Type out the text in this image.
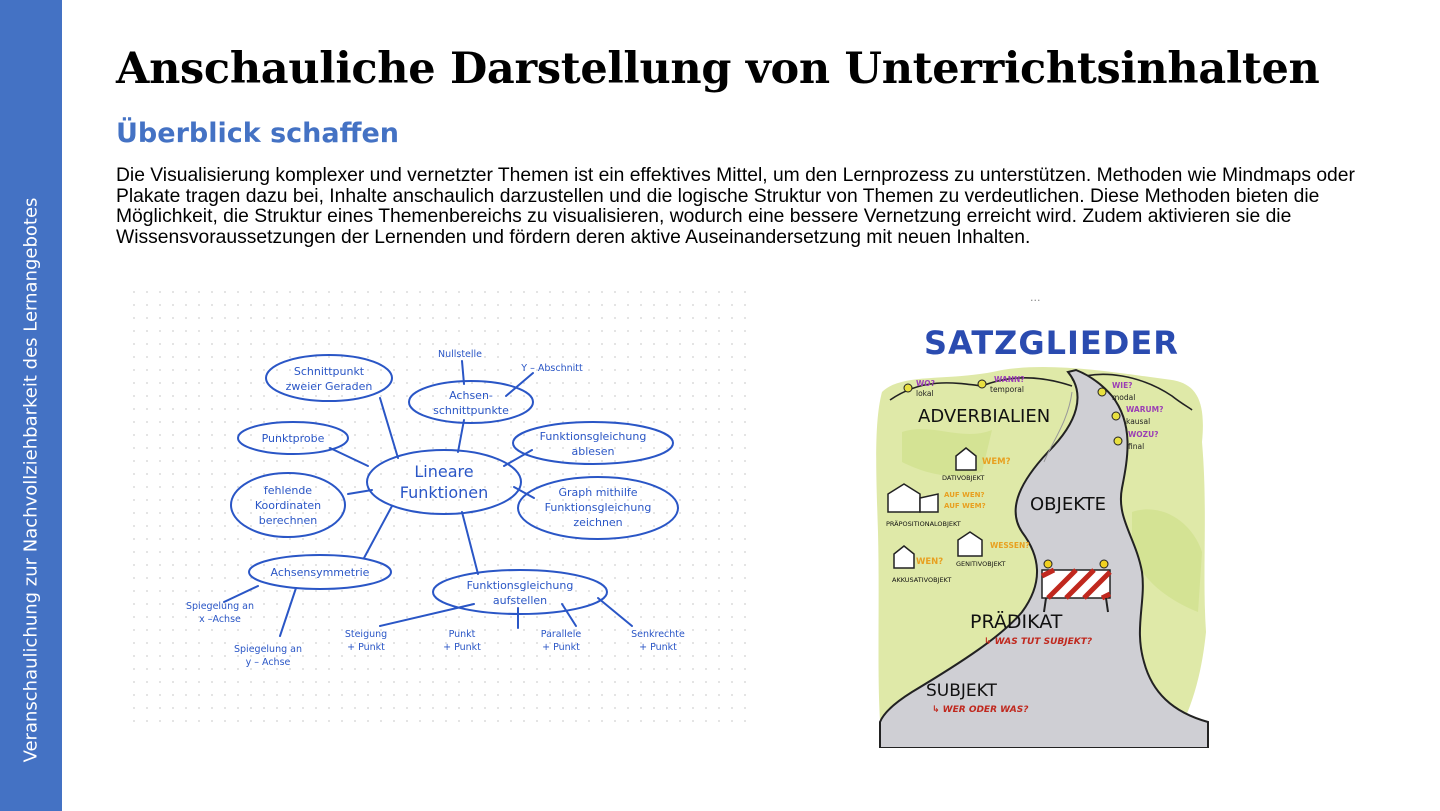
Veranschaulichung zur Nachvollziehbarkeit des Lernangebotes
Anschauliche Darstellung von Unterrichtsinhalten
Überblick schaffen

Die Visualisierung komplexer und vernetzter Themen ist ein effektives Mittel, um den Lernprozess zu unterstützen. Methoden wie Mindmaps oder Plakate tragen dazu bei, Inhalte anschaulich darzustellen und die logische Struktur von Themen zu verdeutlichen. Diese Methoden bieten die Möglichkeit, die Struktur eines Themenbereichs zu visualisieren, wodurch eine bessere Vernetzung erreicht wird. Zudem aktivieren sie die Wissensvoraussetzungen der Lernenden und fördern deren aktive Auseinandersetzung mit neuen Inhalten.

Lineare
Funktionen
Schnittpunkt
zweier Geraden
Achsen-
schnittpunkte
Punktprobe	Funktionsgleichung
ablesen
fehlende
Koordinaten
berechnen
Graph mithilfe
Funktionsgleichung
zeichnen
Achsensymmetrie
Funktionsgleichung
aufstellen
Nullstelle
Y – Abschnitt
Spiegelung an
x –Achse
Spiegelung an
y – Achse
Steigung
+ Punkt
Punkt
+ Punkt
Parallele
+ Punkt
Senkrechte
+ Punkt
···
SATZGLIEDER
WO?
lokal
WANN?
temporal	WIE?
modal
WARUM?
kausal
WOZU?
final
ADVERBIALIEN
WEM?
DATIVOBJEKT
AUF WEN?
AUF WEM?
PRÄPOSITIONALOBJEKT
WESSEN?
GENITIVOBJEKT
WEN?
AKKUSATIVOBJEKT
OBJEKTE
PRÄDIKAT
↳ WAS TUT SUBJEKT?
SUBJEKT
↳ WER ODER WAS?
